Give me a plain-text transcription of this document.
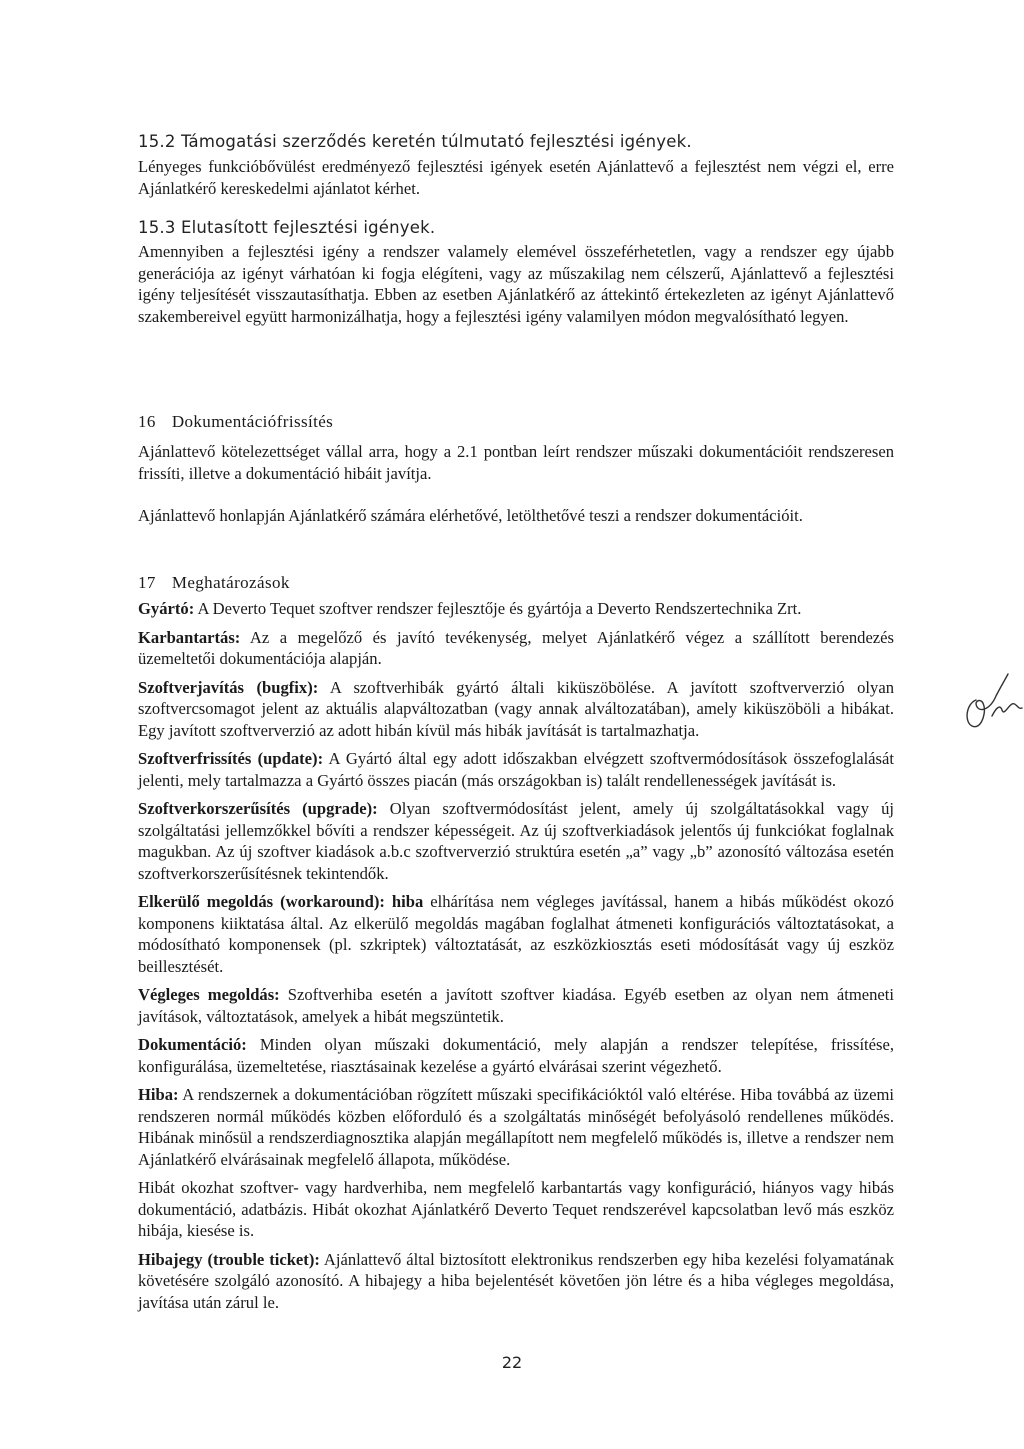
15.2 Támogatási szerződés keretén túlmutató fejlesztési igények.

Lényeges funkcióbővülést eredményező fejlesztési igények esetén Ajánlattevő a fejlesztést nem végzi el, erre Ajánlatkérő kereskedelmi ajánlatot kérhet.

15.3 Elutasított fejlesztési igények.

Amennyiben a fejlesztési igény a rendszer valamely elemével összeférhetetlen, vagy a rendszer egy újabb generációja az igényt várhatóan ki fogja elégíteni, vagy az műszakilag nem célszerű, Ajánlattevő a fejlesztési igény teljesítését visszautasíthatja. Ebben az esetben Ajánlatkérő az áttekintő értekezleten az igényt Ajánlattevő szakembereivel együtt harmonizálhatja, hogy a fejlesztési igény valamilyen módon megvalósítható legyen.

16 Dokumentációfrissítés

Ajánlattevő kötelezettséget vállal arra, hogy a 2.1 pontban leírt rendszer műszaki dokumentációit rendszeresen frissíti, illetve a dokumentáció hibáit javítja.

Ajánlattevő honlapján Ajánlatkérő számára elérhetővé, letölthetővé teszi a rendszer dokumentációit.

17 Meghatározások

Gyártó: A Deverto Tequet szoftver rendszer fejlesztője és gyártója a Deverto Rendszertechnika Zrt.

Karbantartás: Az a megelőző és javító tevékenység, melyet Ajánlatkérő végez a szállított berendezés üzemeltetői dokumentációja alapján.

Szoftverjavítás (bugfix): A szoftverhibák gyártó általi kiküszöbölése. A javított szoftververzió olyan szoftvercsomagot jelent az aktuális alapváltozatban (vagy annak alváltozatában), amely kiküszöböli a hibákat. Egy javított szoftververzió az adott hibán kívül más hibák javítását is tartalmazhatja.

Szoftverfrissítés (update): A Gyártó által egy adott időszakban elvégzett szoftvermódosítások összefoglalását jelenti, mely tartalmazza a Gyártó összes piacán (más országokban is) talált rendellenességek javítását is.

Szoftverkorszerűsítés (upgrade): Olyan szoftvermódosítást jelent, amely új szolgáltatásokkal vagy új szolgáltatási jellemzőkkel bővíti a rendszer képességeit. Az új szoftverkiadások jelentős új funkciókat foglalnak magukban. Az új szoftver kiadások a.b.c szoftververzió struktúra esetén „a” vagy „b” azonosító változása esetén szoftverkorszerűsítésnek tekintendők.

Elkerülő megoldás (workaround): hiba elhárítása nem végleges javítással, hanem a hibás működést okozó komponens kiiktatása által. Az elkerülő megoldás magában foglalhat átmeneti konfigurációs változtatásokat, a módosítható komponensek (pl. szkriptek) változtatását, az eszközkiosztás eseti módosítását vagy új eszköz beillesztését.

Végleges megoldás: Szoftverhiba esetén a javított szoftver kiadása. Egyéb esetben az olyan nem átmeneti javítások, változtatások, amelyek a hibát megszüntetik.

Dokumentáció: Minden olyan műszaki dokumentáció, mely alapján a rendszer telepítése, frissítése, konfigurálása, üzemeltetése, riasztásainak kezelése a gyártó elvárásai szerint végezhető.

Hiba: A rendszernek a dokumentációban rögzített műszaki specifikációktól való eltérése. Hiba továbbá az üzemi rendszeren normál működés közben előforduló és a szolgáltatás minőségét befolyásoló rendellenes működés. Hibának minősül a rendszerdiagnosztika alapján megállapított nem megfelelő működés is, illetve a rendszer nem Ajánlatkérő elvárásainak megfelelő állapota, működése.

Hibát okozhat szoftver- vagy hardverhiba, nem megfelelő karbantartás vagy konfiguráció, hiányos vagy hibás dokumentáció, adatbázis. Hibát okozhat Ajánlatkérő Deverto Tequet rendszerével kapcsolatban levő más eszköz hibája, kiesése is.

Hibajegy (trouble ticket): Ajánlattevő által biztosított elektronikus rendszerben egy hiba kezelési folyamatának követésére szolgáló azonosító. A hibajegy a hiba bejelentését követően jön létre és a hiba végleges megoldása, javítása után zárul le.

22
